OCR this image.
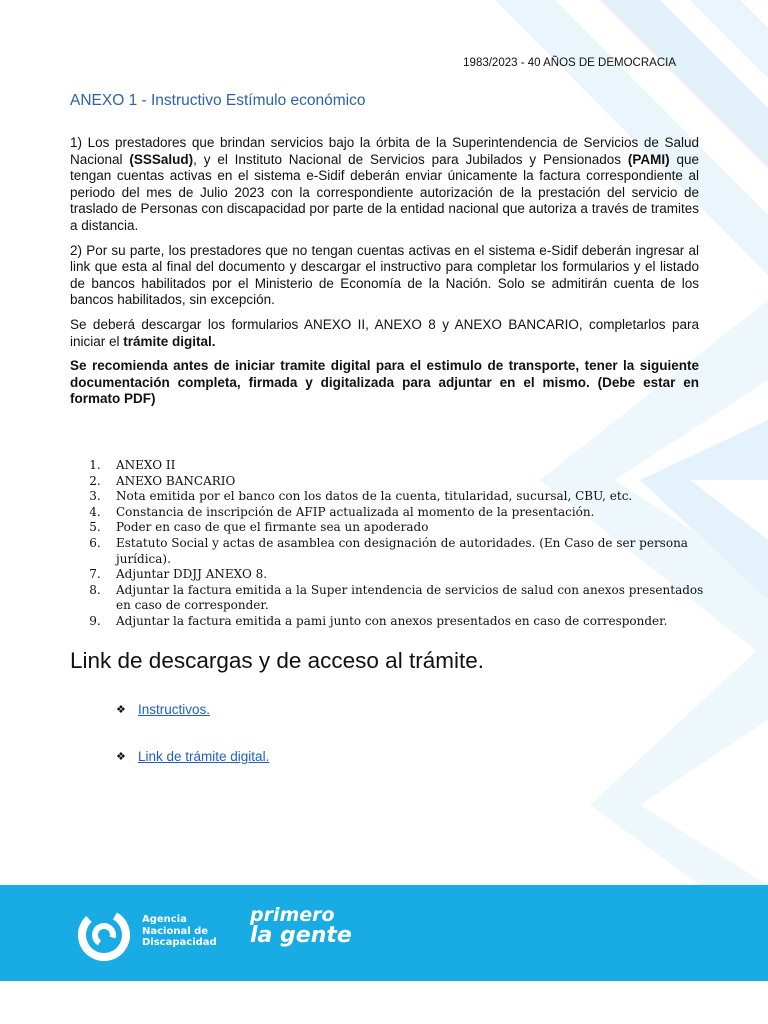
1983/2023 - 40 AÑOS DE DEMOCRACIA
ANEXO 1 - Instructivo Estímulo económico

1) Los prestadores que brindan servicios bajo la órbita de la Superintendencia de Servicios de Salud Nacional (SSSalud), y el Instituto Nacional de Servicios para Jubilados y Pensionados (PAMI) que tengan cuentas activas en el sistema e-Sidif deberán enviar únicamente la factura correspondiente al periodo del mes de Julio 2023 con la correspondiente autorización de la prestación del servicio de traslado de Personas con discapacidad por parte de la entidad nacional que autoriza a través de tramites a distancia.

2) Por su parte, los prestadores que no tengan cuentas activas en el sistema e-Sidif deberán ingresar al link que esta al final del documento y descargar el instructivo para completar los formularios y el listado de bancos habilitados por el Ministerio de Economía de la Nación. Solo se admitirán cuenta de los bancos habilitados, sin excepción.

Se deberá descargar los formularios ANEXO II, ANEXO 8 y ANEXO BANCARIO, completarlos para iniciar el trámite digital.

Se recomienda antes de iniciar tramite digital para el estimulo de transporte, tener la siguiente documentación completa, firmada y digitalizada para adjuntar en el mismo. (Debe estar en formato PDF)

1. ANEXO II
2. ANEXO BANCARIO
3. Nota emitida por el banco con los datos de la cuenta, titularidad, sucursal, CBU, etc.
4. Constancia de inscripción de AFIP actualizada al momento de la presentación.
5. Poder en caso de que el firmante sea un apoderado
6. Estatuto Social y actas de asamblea con designación de autoridades. (En Caso de ser persona jurídica).
7. Adjuntar DDJJ ANEXO 8.
8. Adjuntar la factura emitida a la Super intendencia de servicios de salud con anexos presentados en caso de corresponder.
9. Adjuntar la factura emitida a pami junto con anexos presentados en caso de corresponder.
Link de descargas y de acceso al trámite.
❖ Instructivos.
❖ Link de trámite digital.
Agencia
Nacional de
Discapacidad
primero
la gente
